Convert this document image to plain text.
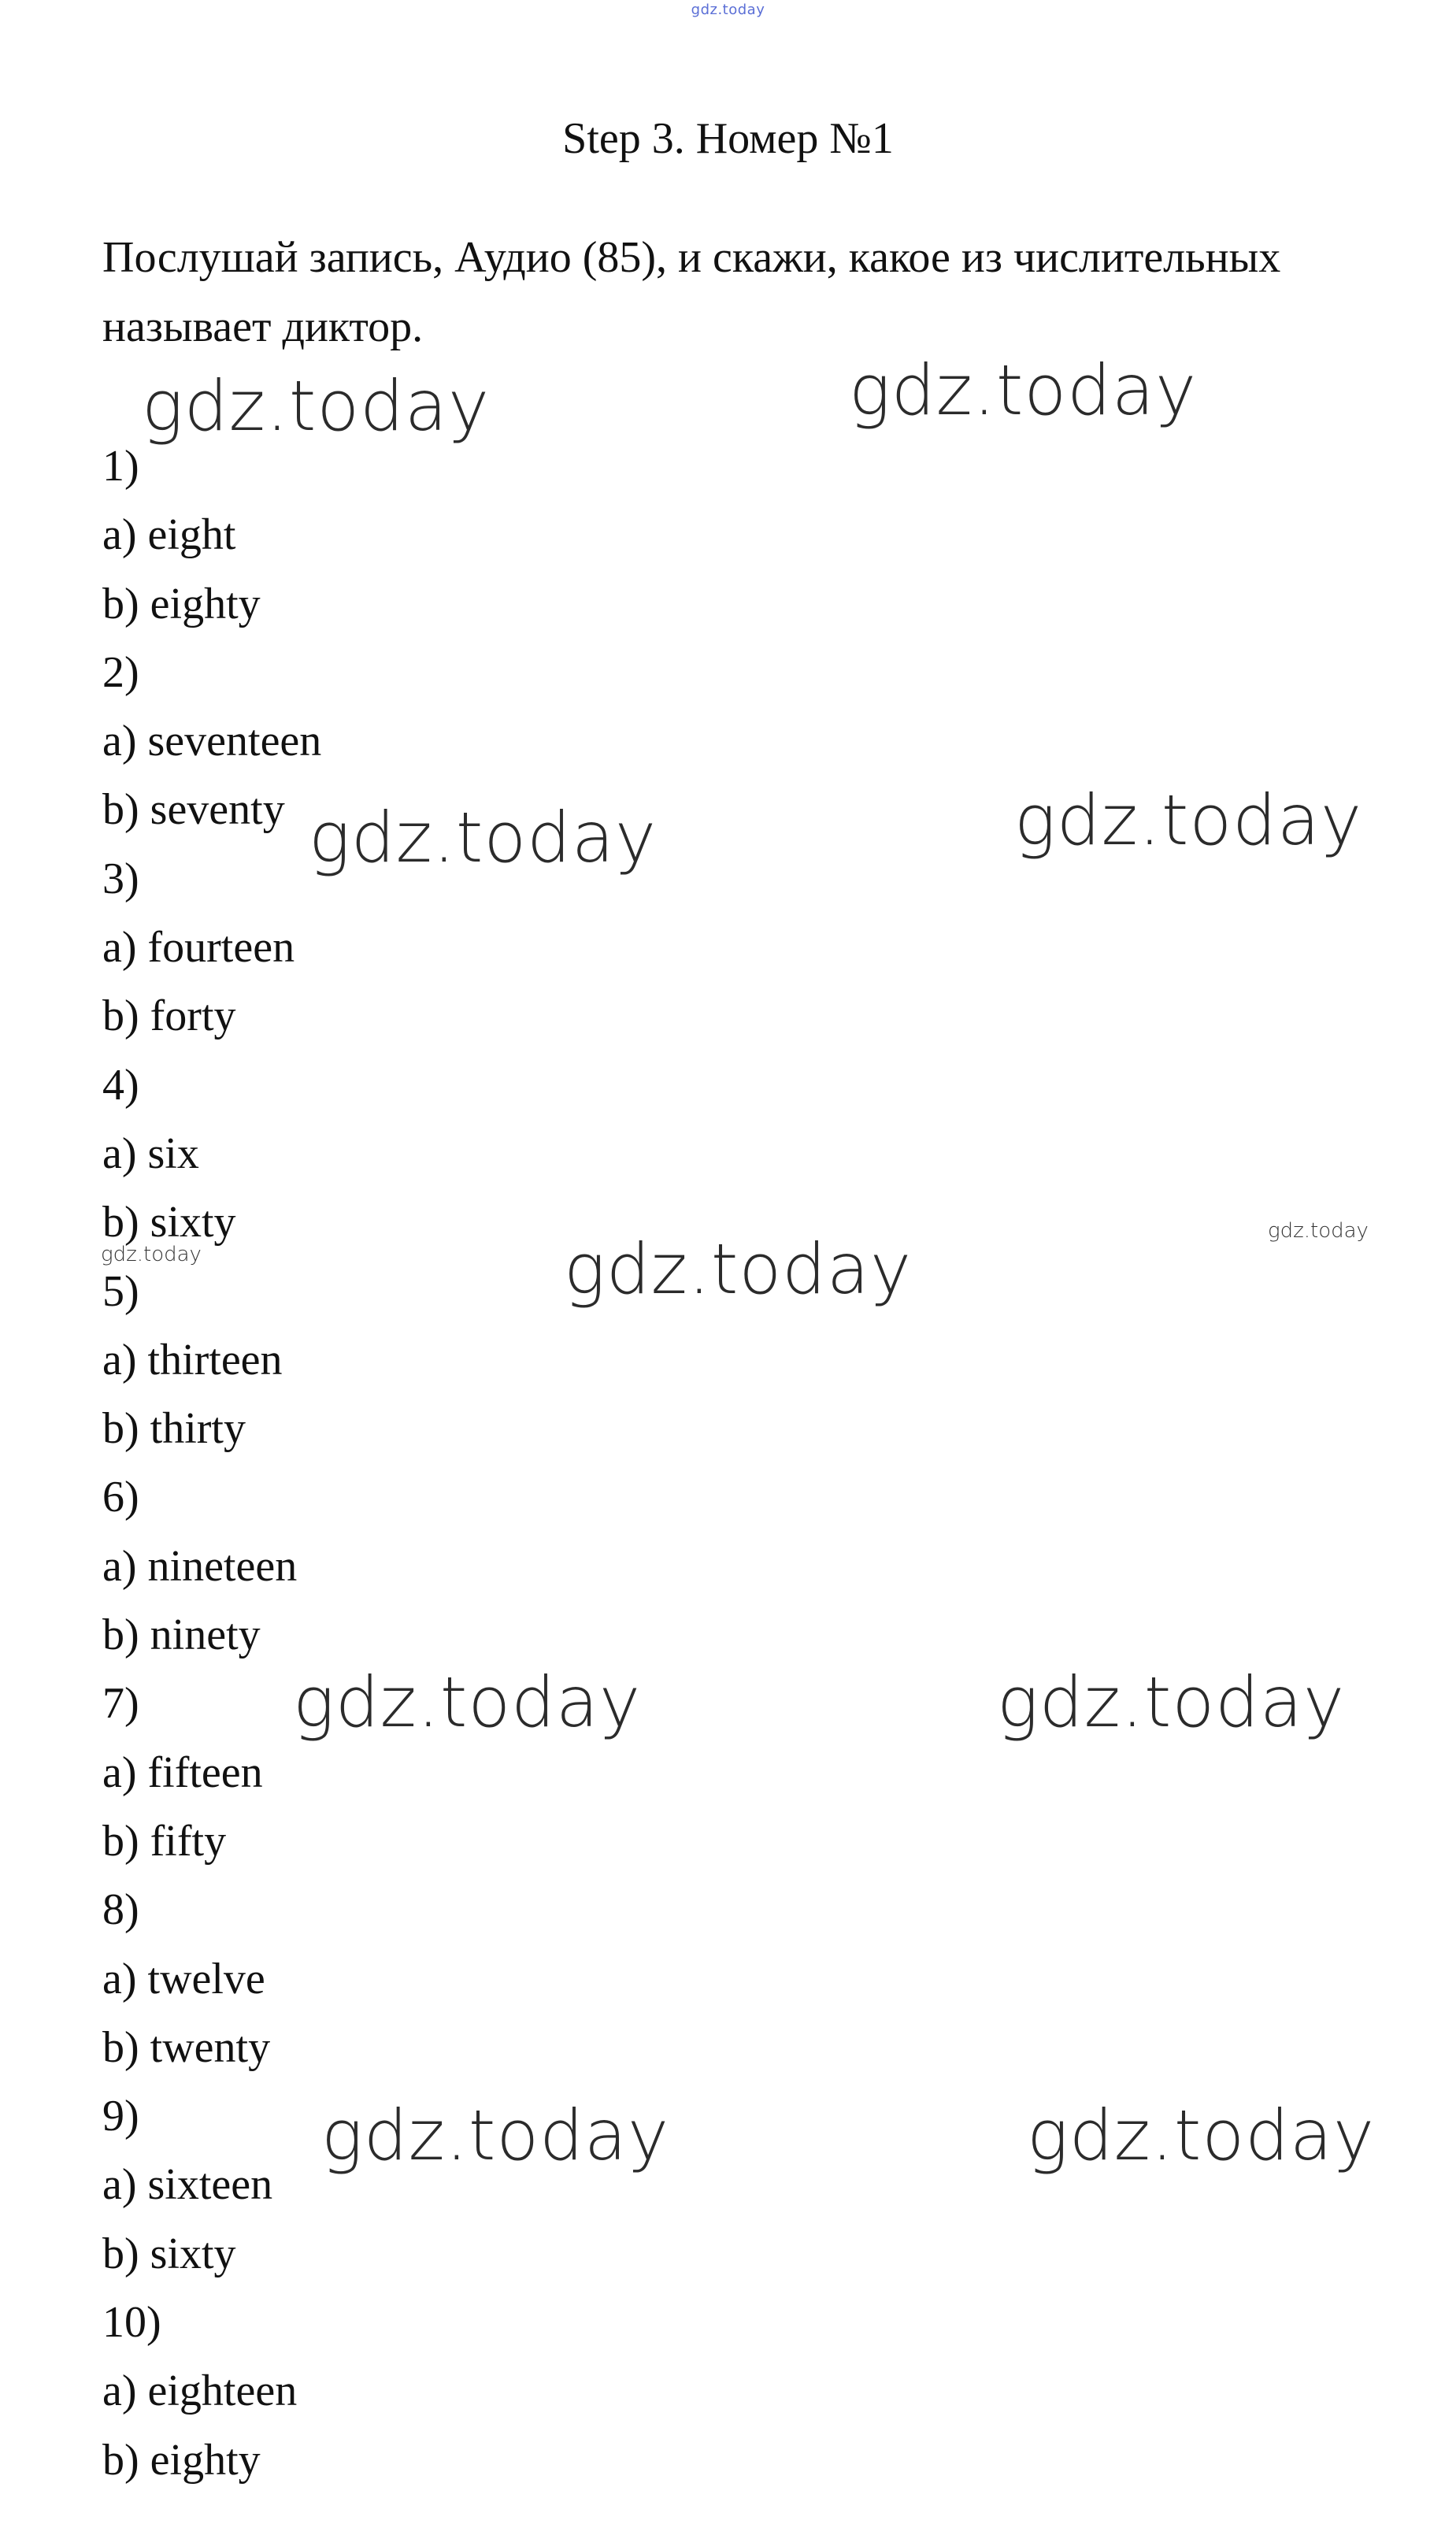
gdz.today
Step 3. Номер №1
Послушай запись, Аудио (85), и скажи, какое из числительных называет диктор.
1)
a) eight
b) eighty
2)
a) seventeen
b) seventy
3)
a) fourteen
b) forty
4)
a) six
b) sixty
5)
a) thirteen
b) thirty
6)
a) nineteen
b) ninety
7)
a) fifteen
b) fifty
8)
a) twelve
b) twenty
9)
a) sixteen
b) sixty
10)
a) eighteen
b) eighty
gdz.today	gdz.today
gdz.today	gdz.today
gdz.today
gdz.today	gdz.today
gdz.today	gdz.today
gdz.today
gdz.today
